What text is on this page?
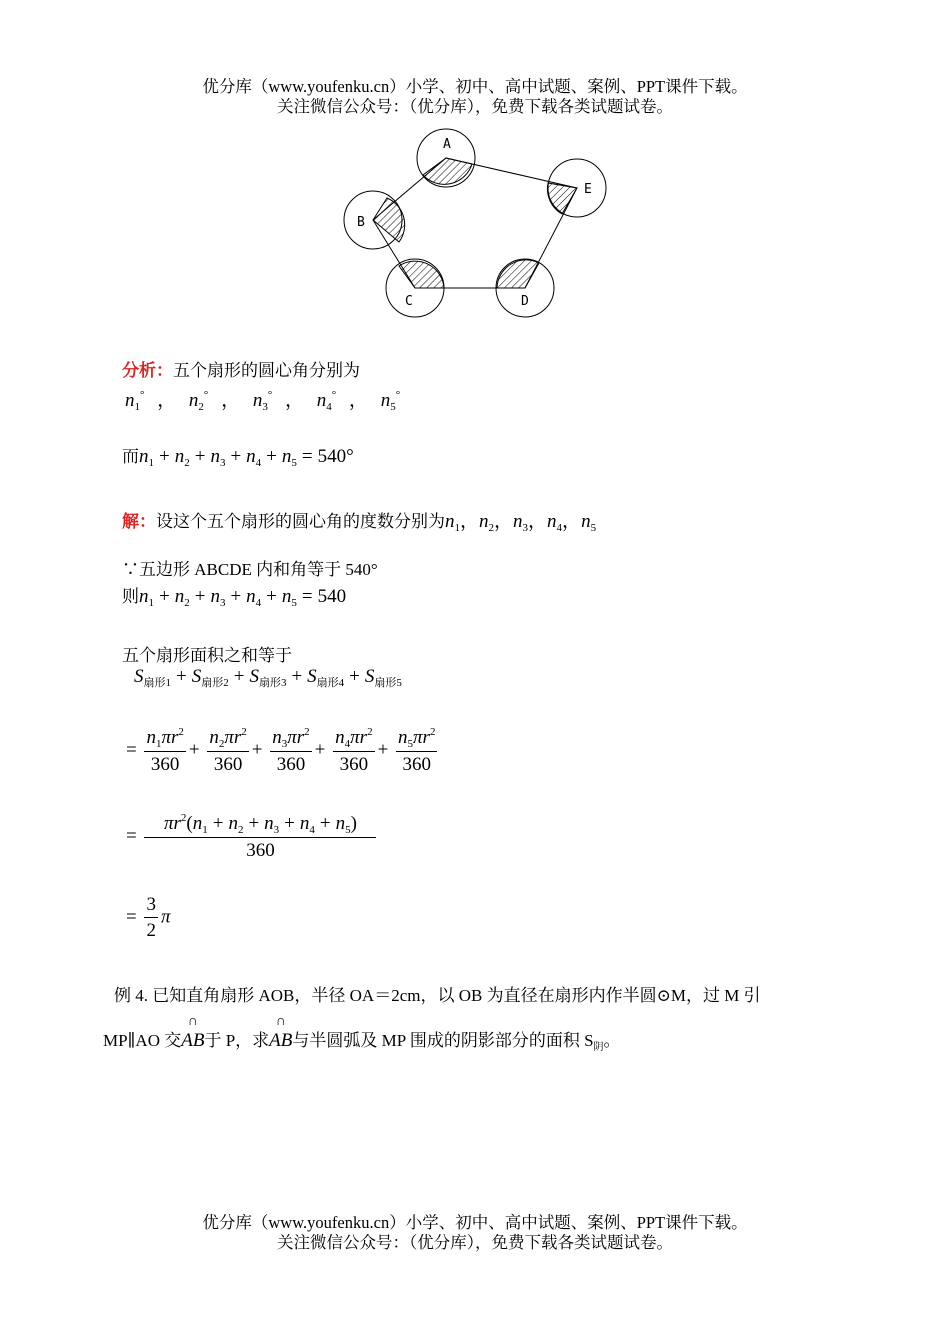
优分库（www.youfenku.cn）小学、初中、高中试题、案例、PPT课件下载。
关注微信公众号：（优分库），免费下载各类试题试卷。
A
B
C	D
E
分析：五个扇形的圆心角分别为
$n_1^\circ$ ， $n_2^\circ$ ， $n_3^\circ$ ， $n_4^\circ$ ， $n_5^\circ$
而$n_1 + n_2 + n_3 + n_4 + n_5 = 540^\circ$
解：设这个五个扇形的圆心角的度数分别为$n_1$，$n_2$，$n_3$，$n_4$，$n_5$
∵五边形 ABCDE 内和角等于 540°
则$n_1 + n_2 + n_3 + n_4 + n_5 = 540$
五个扇形面积之和等于
$S_{扇形1} + S_{扇形2} + S_{扇形3} + S_{扇形4} + S_{扇形5}$
= $\frac{n_1\pi r^2}{360} + \frac{n_2\pi r^2}{360} + \frac{n_3\pi r^2}{360} + \frac{n_4\pi r^2}{360} + \frac{n_5\pi r^2}{360}$
= $\frac{\pi r^2(n_1 + n_2 + n_3 + n_4 + n_5)}{360}$
= $\frac{3}{2}$ π
例 4. 已知直角扇形 AOB，半径 OA＝2cm，以 OB 为直径在扇形内作半圆⊙M，过 M 引
MP∥AO 交
∩
AB于 P，求
∩
AB与半圆弧及 MP 围成的阴影部分的面积 $S_阴$。
优分库（www.youfenku.cn）小学、初中、高中试题、案例、PPT课件下载。
关注微信公众号：（优分库），免费下载各类试题试卷。
